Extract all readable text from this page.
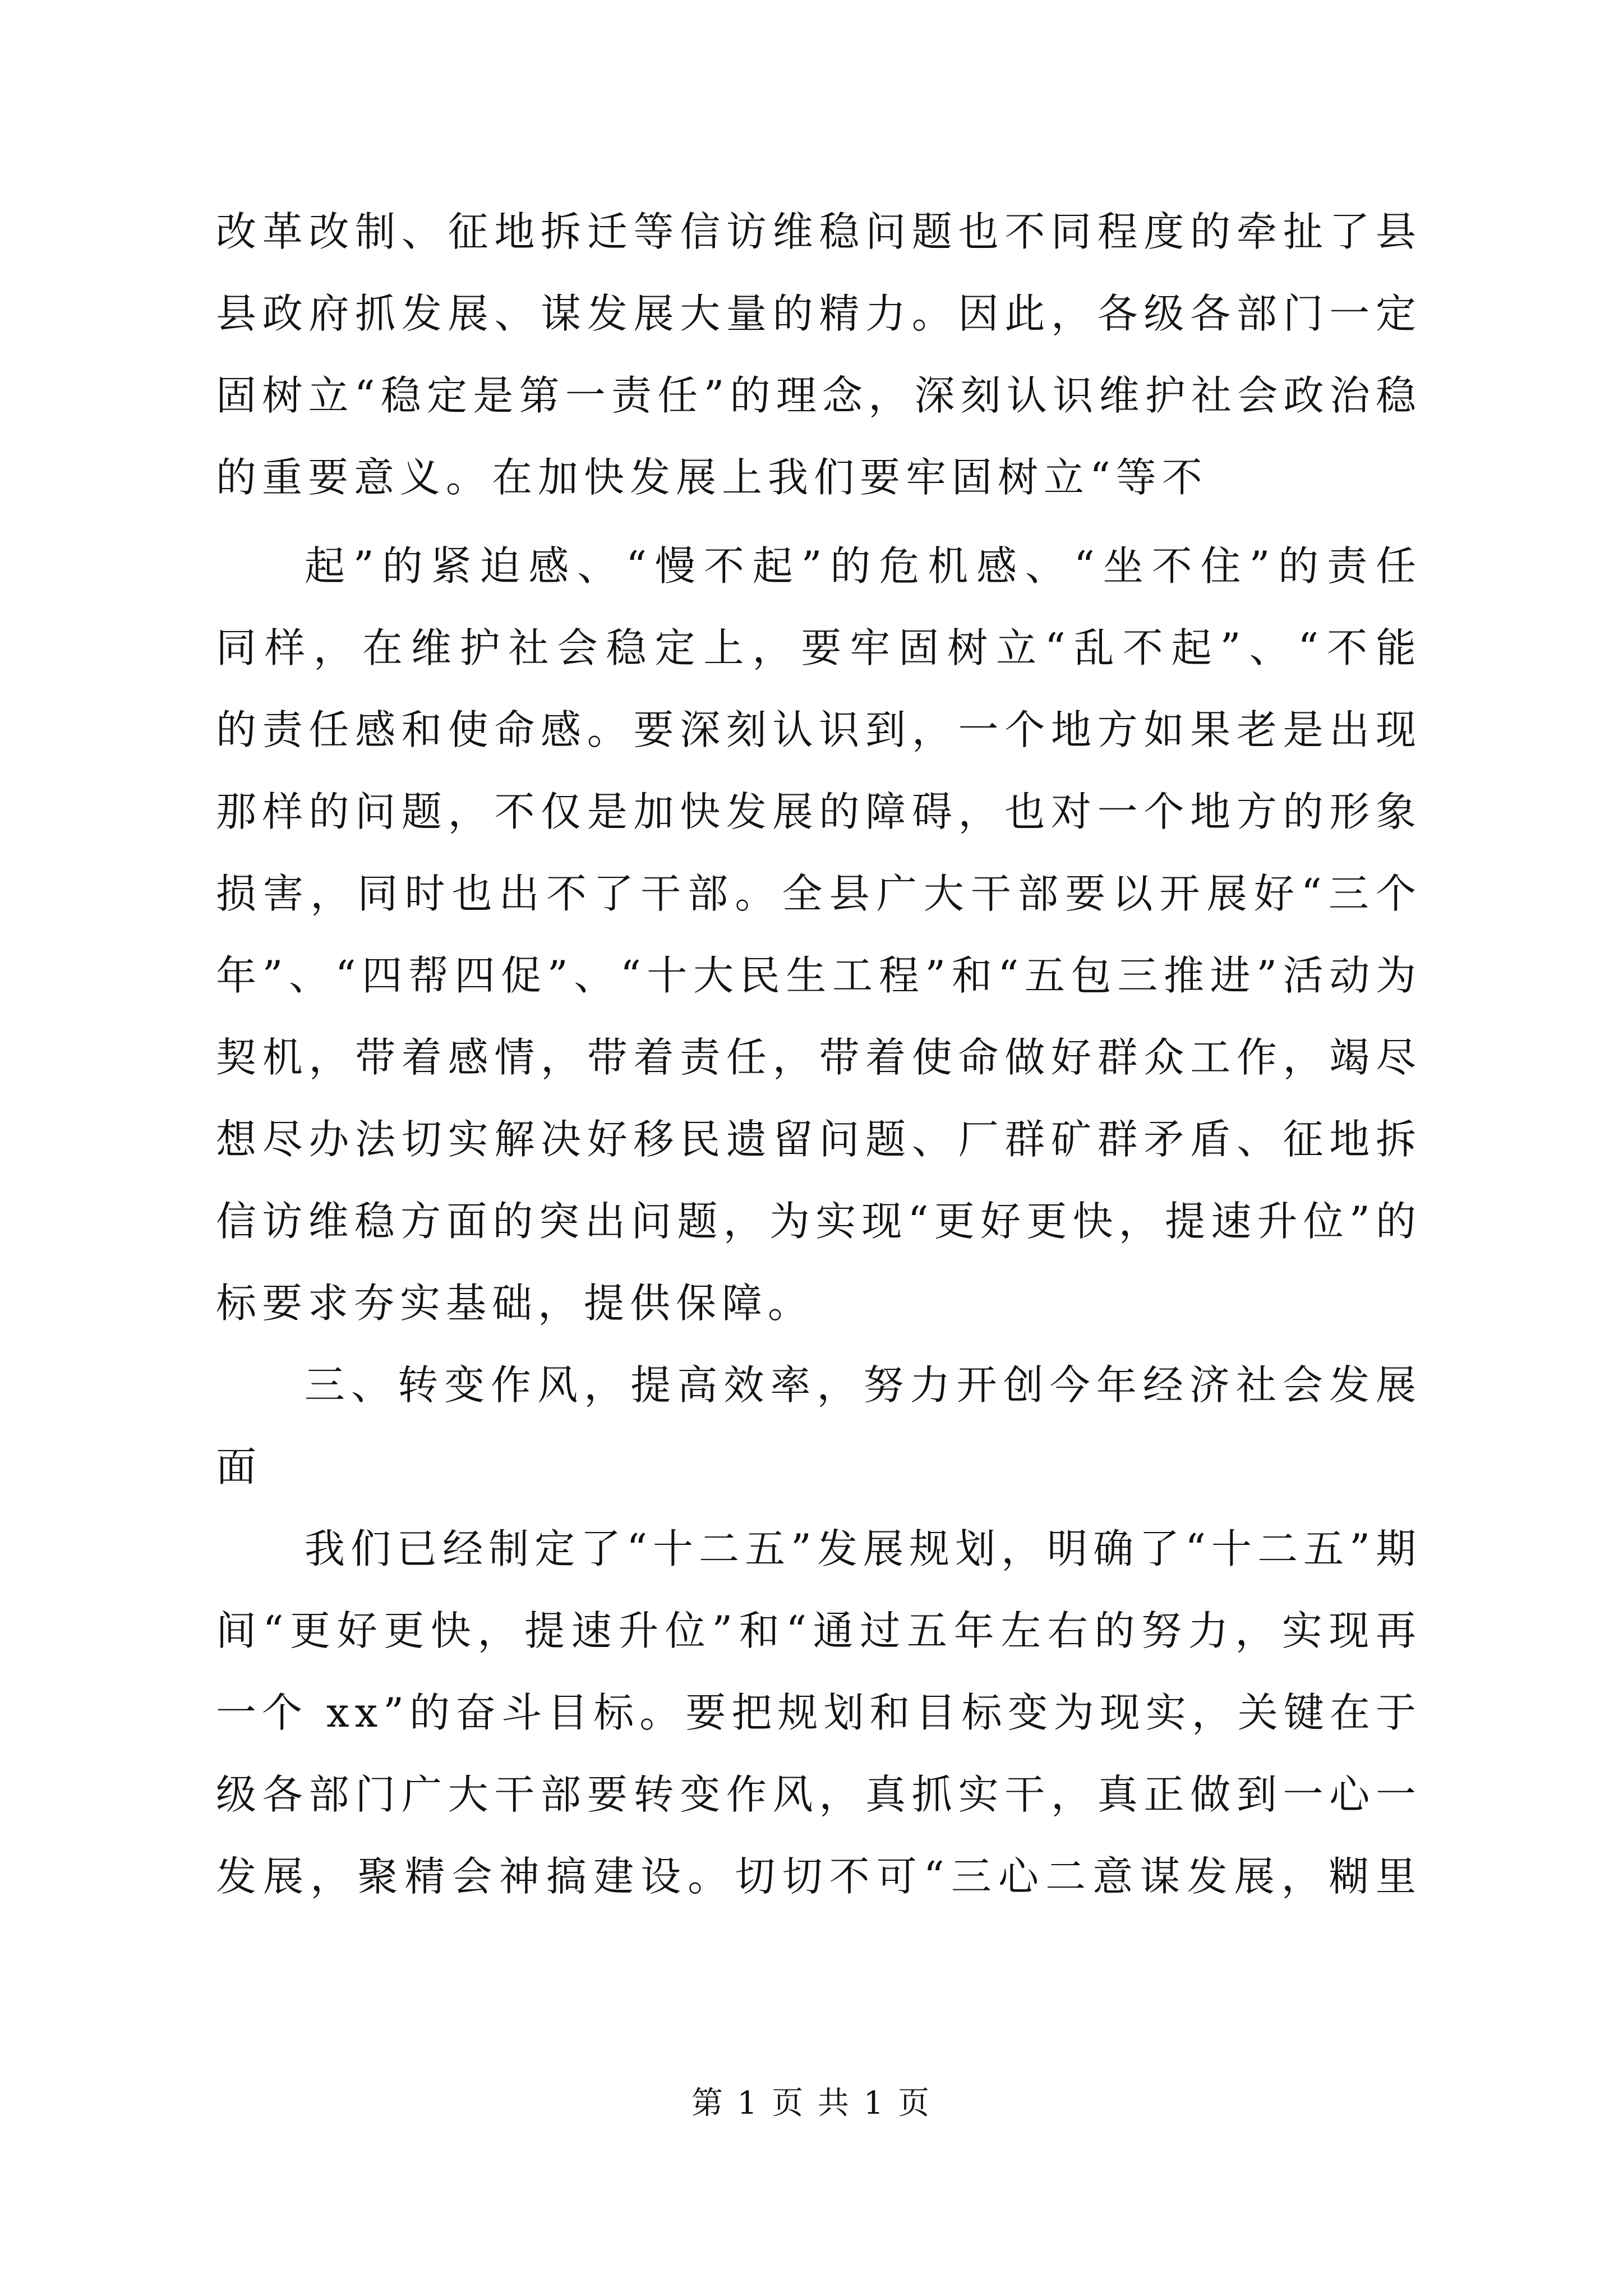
改革改制、征地拆迁等信访维稳问题也不同程度的牵扯了县
县政府抓发展、谋发展大量的精力。因此，各级各部门一定
固树立“稳定是第一责任”的理念，深刻认识维护社会政治稳
的重要意义。在加快发展上我们要牢固树立“等不
起”的紧迫感、“慢不起”的危机感、“坐不住”的责任
同样，在维护社会稳定上，要牢固树立“乱不起”、“不能
的责任感和使命感。要深刻认识到，一个地方如果老是出现
那样的问题，不仅是加快发展的障碍，也对一个地方的形象
损害，同时也出不了干部。全县广大干部要以开展好“三个
年”、“四帮四促”、“十大民生工程”和“五包三推进”活动为
契机，带着感情，带着责任，带着使命做好群众工作，竭尽
想尽办法切实解决好移民遗留问题、厂群矿群矛盾、征地拆
信访维稳方面的突出问题，为实现“更好更快，提速升位”的
标要求夯实基础，提供保障。
三、转变作风，提高效率，努力开创今年经济社会发展
面
我们已经制定了“十二五”发展规划，明确了“十二五”期
间“更好更快，提速升位”和“通过五年左右的努力，实现再
一个 xx”的奋斗目标。要把规划和目标变为现实，关键在于
级各部门广大干部要转变作风，真抓实干，真正做到一心一
发展，聚精会神搞建设。切切不可“三心二意谋发展，糊里
第 1 页 共 1 页
